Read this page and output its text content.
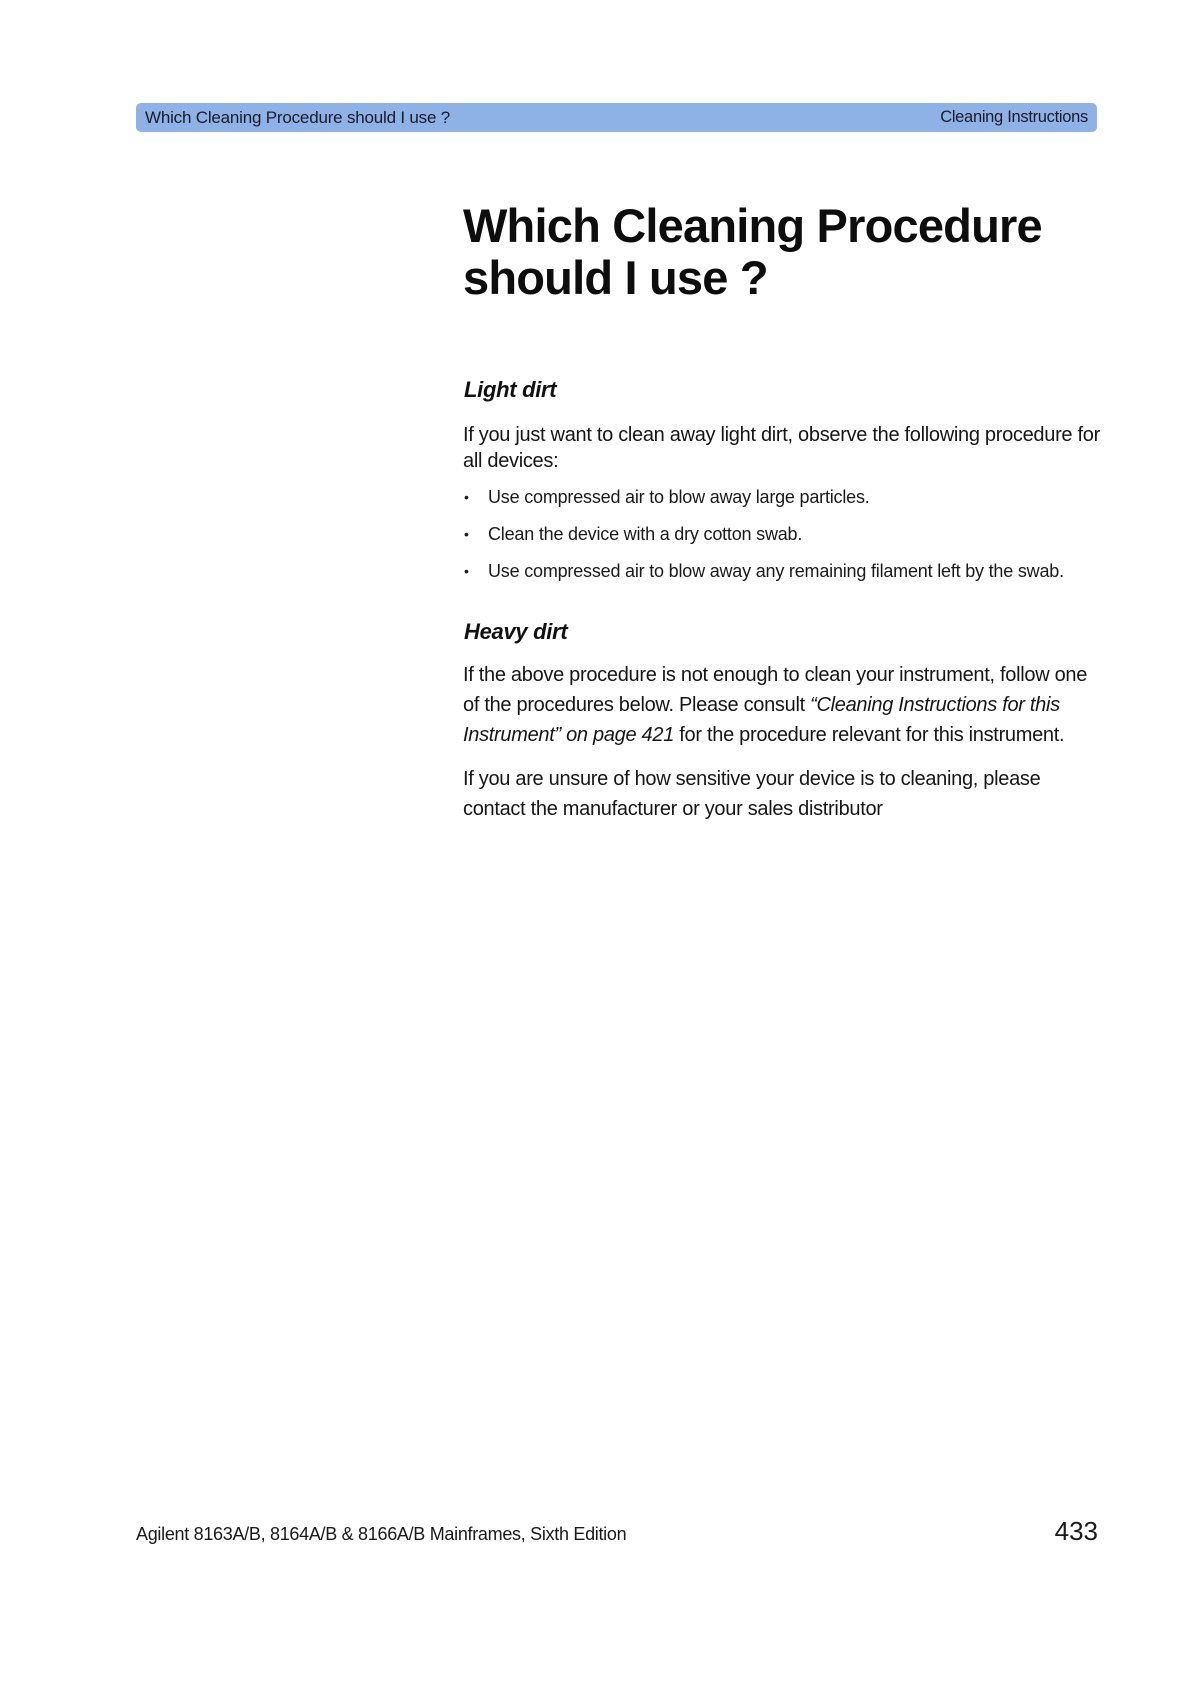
Which Cleaning Procedure should I use ?	Cleaning Instructions
Which Cleaning Procedure
should I use ?
Light dirt

If you just want to clean away light dirt, observe the following procedure for all devices:

• Use compressed air to blow away large particles.
• Clean the device with a dry cotton swab.
• Use compressed air to blow away any remaining filament left by the swab.
Heavy dirt

If the above procedure is not enough to clean your instrument, follow one of the procedures below. Please consult “Cleaning Instructions for this Instrument” on page 421 for the procedure relevant for this instrument.

If you are unsure of how sensitive your device is to cleaning, please contact the manufacturer or your sales distributor

Agilent 8163A/B, 8164A/B & 8166A/B Mainframes, Sixth Edition	433
